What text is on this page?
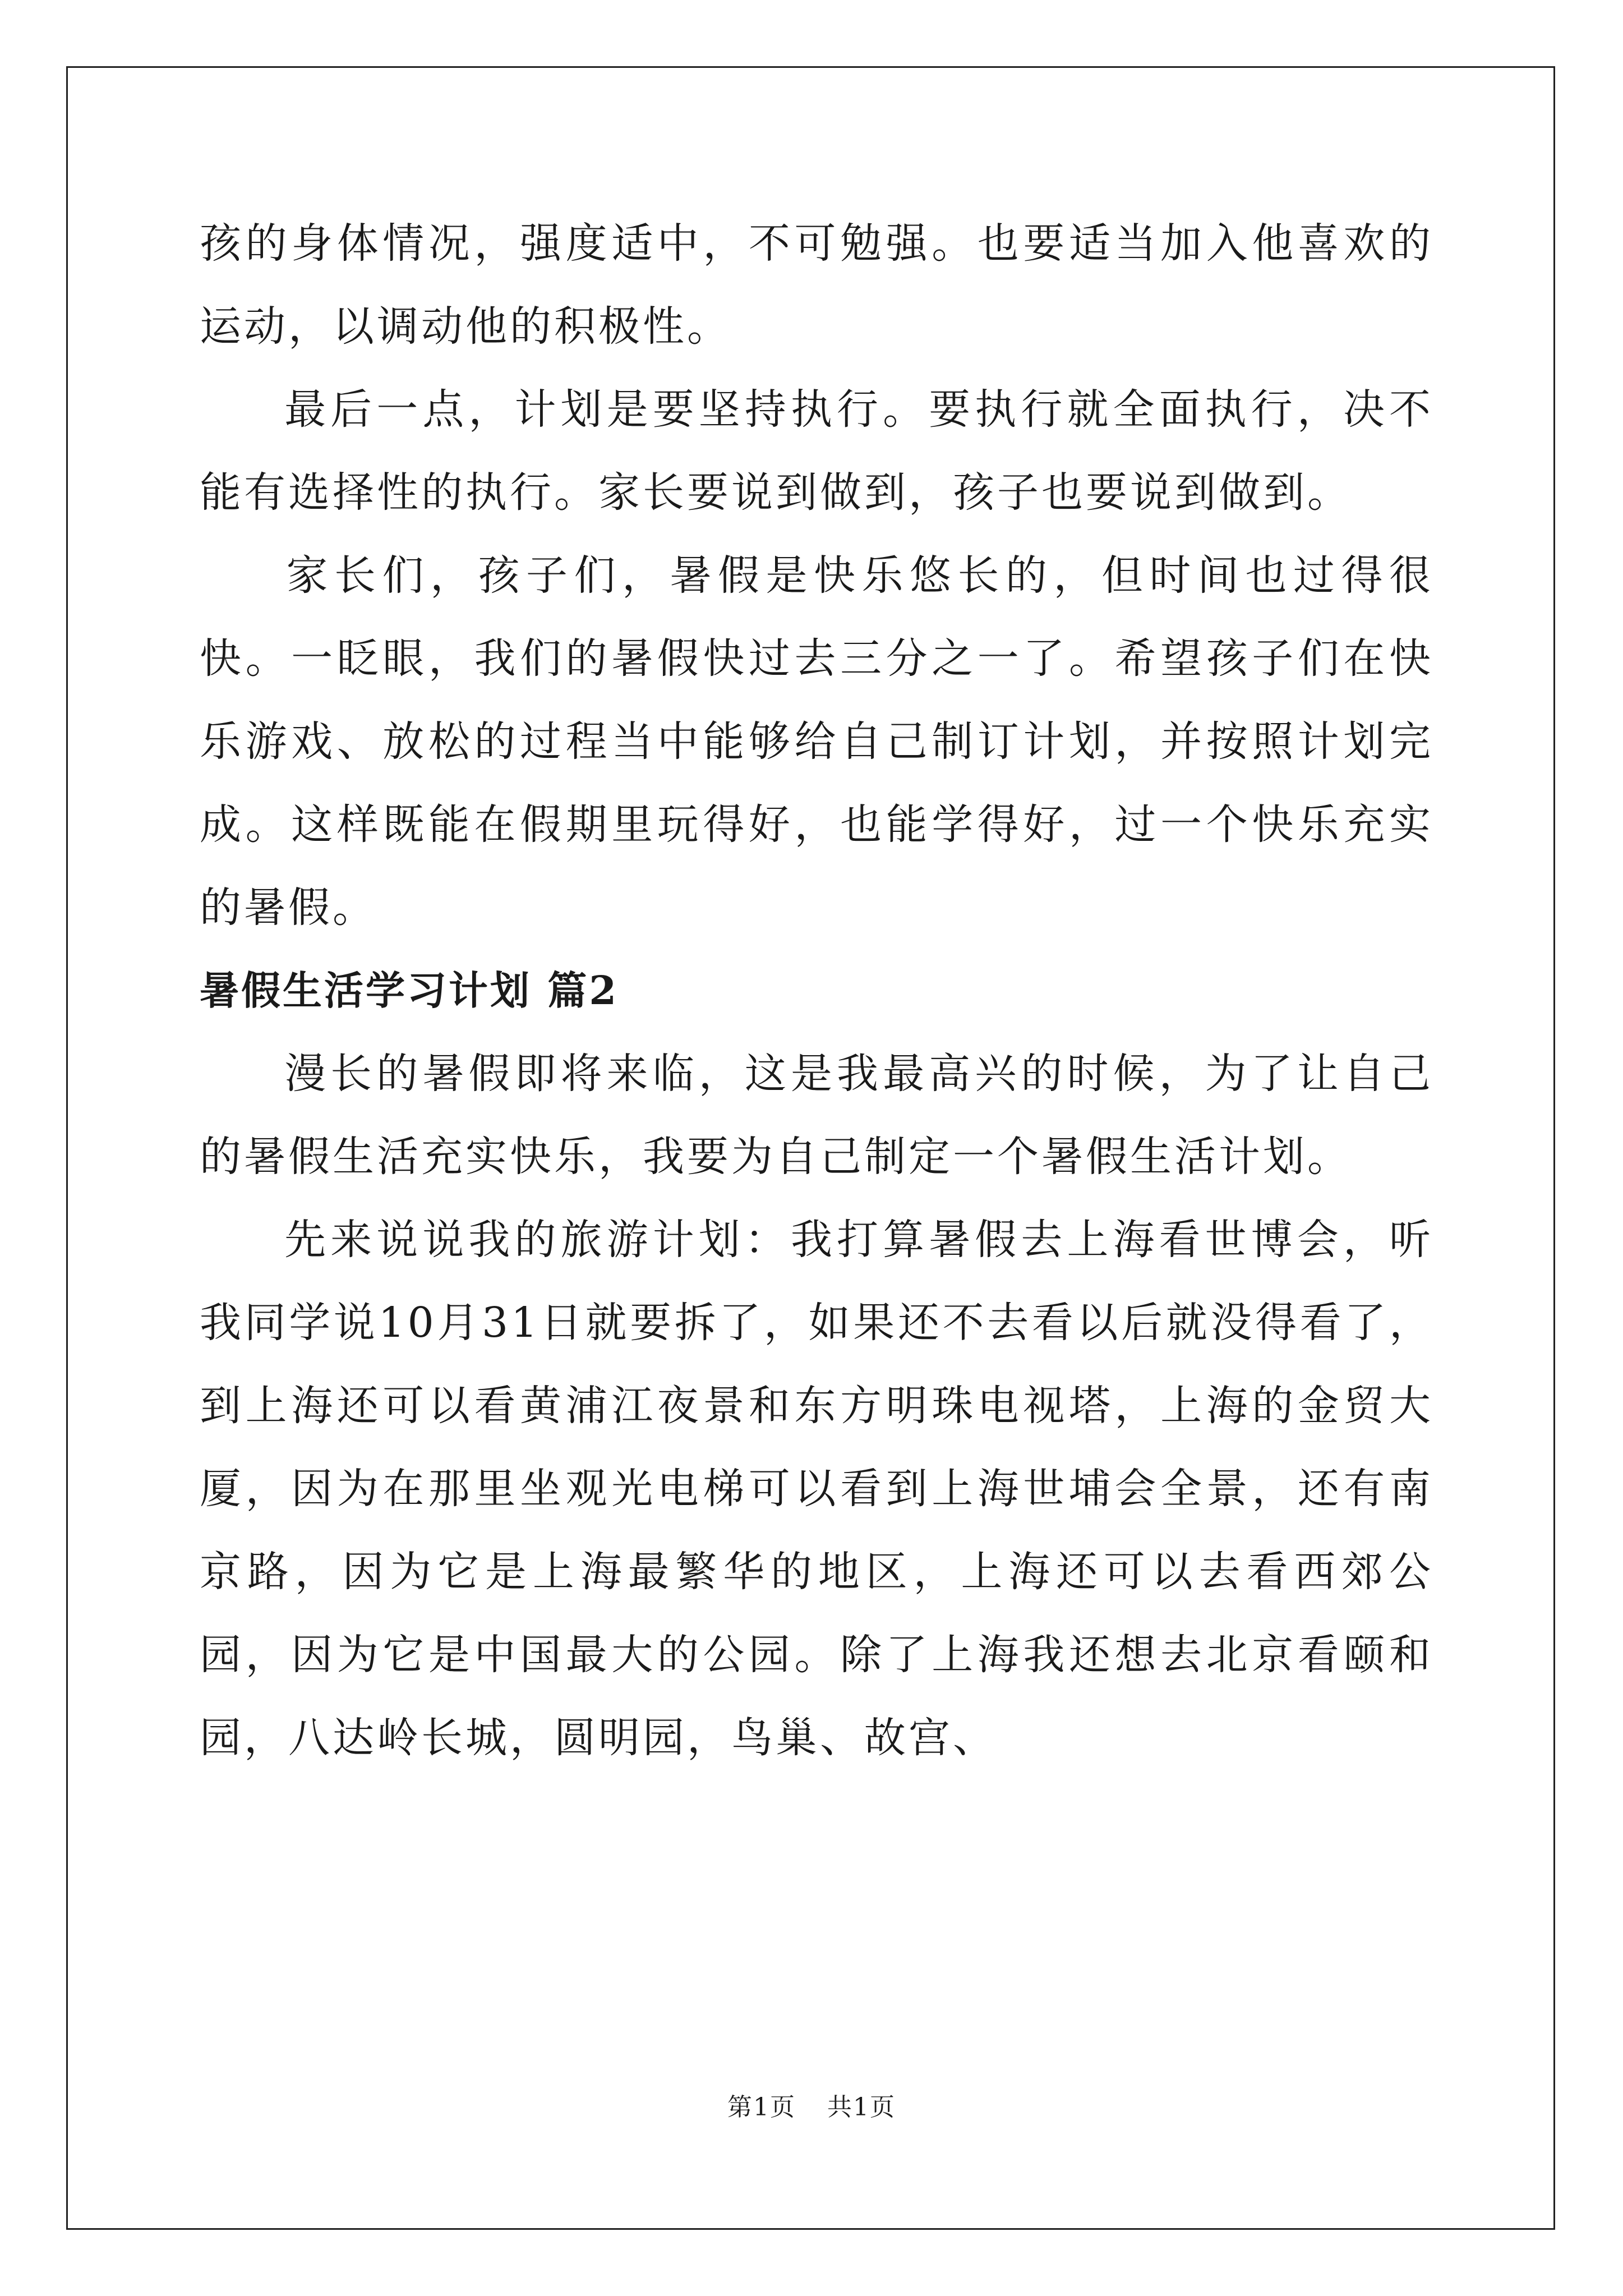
孩的身体情况，强度适中，不可勉强。也要适当加入他喜欢的运动，以调动他的积极性。

最后一点，计划是要坚持执行。要执行就全面执行，决不能有选择性的执行。家长要说到做到，孩子也要说到做到。

家长们，孩子们，暑假是快乐悠长的，但时间也过得很快。一眨眼，我们的暑假快过去三分之一了。希望孩子们在快乐游戏、放松的过程当中能够给自己制订计划，并按照计划完成。这样既能在假期里玩得好，也能学得好，过一个快乐充实的暑假。

暑假生活学习计划 篇2

漫长的暑假即将来临，这是我最高兴的时候，为了让自己的暑假生活充实快乐，我要为自己制定一个暑假生活计划。

先来说说我的旅游计划：我打算暑假去上海看世博会，听我同学说10月31日就要拆了，如果还不去看以后就没得看了，到上海还可以看黄浦江夜景和东方明珠电视塔，上海的金贸大厦，因为在那里坐观光电梯可以看到上海世埔会全景，还有南京路，因为它是上海最繁华的地区，上海还可以去看西郊公园，因为它是中国最大的公园。除了上海我还想去北京看颐和园，八达岭长城，圆明园，鸟巢、故宫、

第1页 共1页
